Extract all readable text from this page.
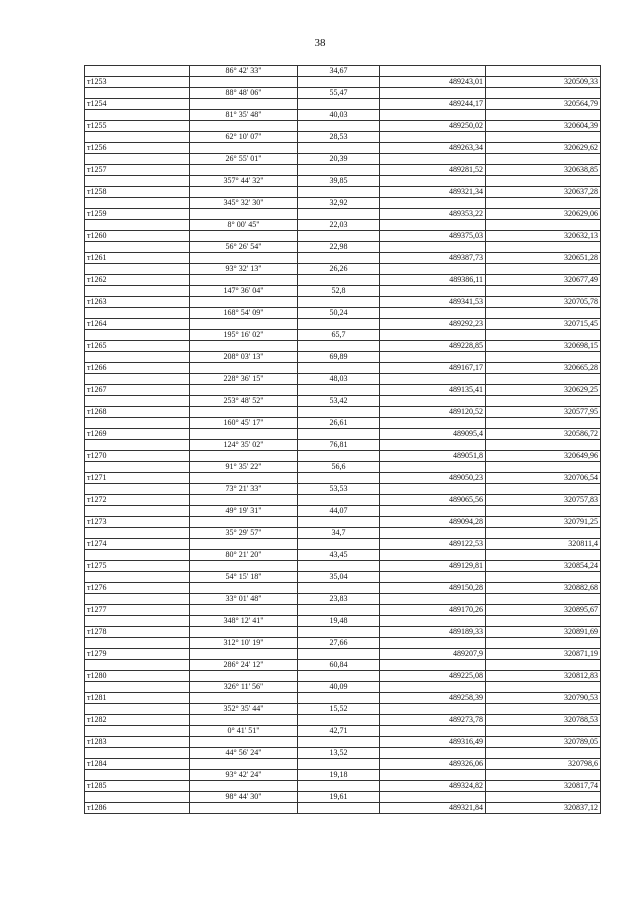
38
	86° 42' 33"	34,67		
т1253			489243,01	320509,33
	88° 48' 06"	55,47		
т1254			489244,17	320564,79
	81° 35' 48"	40,03		
т1255			489250,02	320604,39
	62° 10' 07"	28,53		
т1256			489263,34	320629,62
	26° 55' 01"	20,39		
т1257			489281,52	320638,85
	357° 44' 32"	39,85		
т1258			489321,34	320637,28
	345° 32' 30"	32,92		
т1259			489353,22	320629,06
	8° 00' 45"	22,03		
т1260			489375,03	320632,13
	56° 26' 54"	22,98		
т1261			489387,73	320651,28
	93° 32' 13"	26,26		
т1262			489386,11	320677,49
	147° 36' 04"	52,8		
т1263			489341,53	320705,78
	168° 54' 09"	50,24		
т1264			489292,23	320715,45
	195° 16' 02"	65,7		
т1265			489228,85	320698,15
	208° 03' 13"	69,89		
т1266			489167,17	320665,28
	228° 36' 15"	48,03		
т1267			489135,41	320629,25
	253° 48' 52"	53,42		
т1268			489120,52	320577,95
	160° 45' 17"	26,61		
т1269			489095,4	320586,72
	124° 35' 02"	76,81		
т1270			489051,8	320649,96
	91° 35' 22"	56,6		
т1271			489050,23	320706,54
	73° 21' 33"	53,53		
т1272			489065,56	320757,83
	49° 19' 31"	44,07		
т1273			489094,28	320791,25
	35° 29' 57"	34,7		
т1274			489122,53	320811,4
	80° 21' 20"	43,45		
т1275			489129,81	320854,24
	54° 15' 18"	35,04		
т1276			489150,28	320882,68
	33° 01' 48"	23,83		
т1277			489170,26	320895,67
	348° 12' 41"	19,48		
т1278			489189,33	320891,69
	312° 10' 19"	27,66		
т1279			489207,9	320871,19
	286° 24' 12"	60,84		
т1280			489225,08	320812,83
	326° 11' 56"	40,09		
т1281			489258,39	320790,53
	352° 35' 44"	15,52		
т1282			489273,78	320788,53
	0° 41' 51"	42,71		
т1283			489316,49	320789,05
	44° 56' 24"	13,52		
т1284			489326,06	320798,6
	93° 42' 24"	19,18		
т1285			489324,82	320817,74
	98° 44' 30"	19,61		
т1286			489321,84	320837,12
